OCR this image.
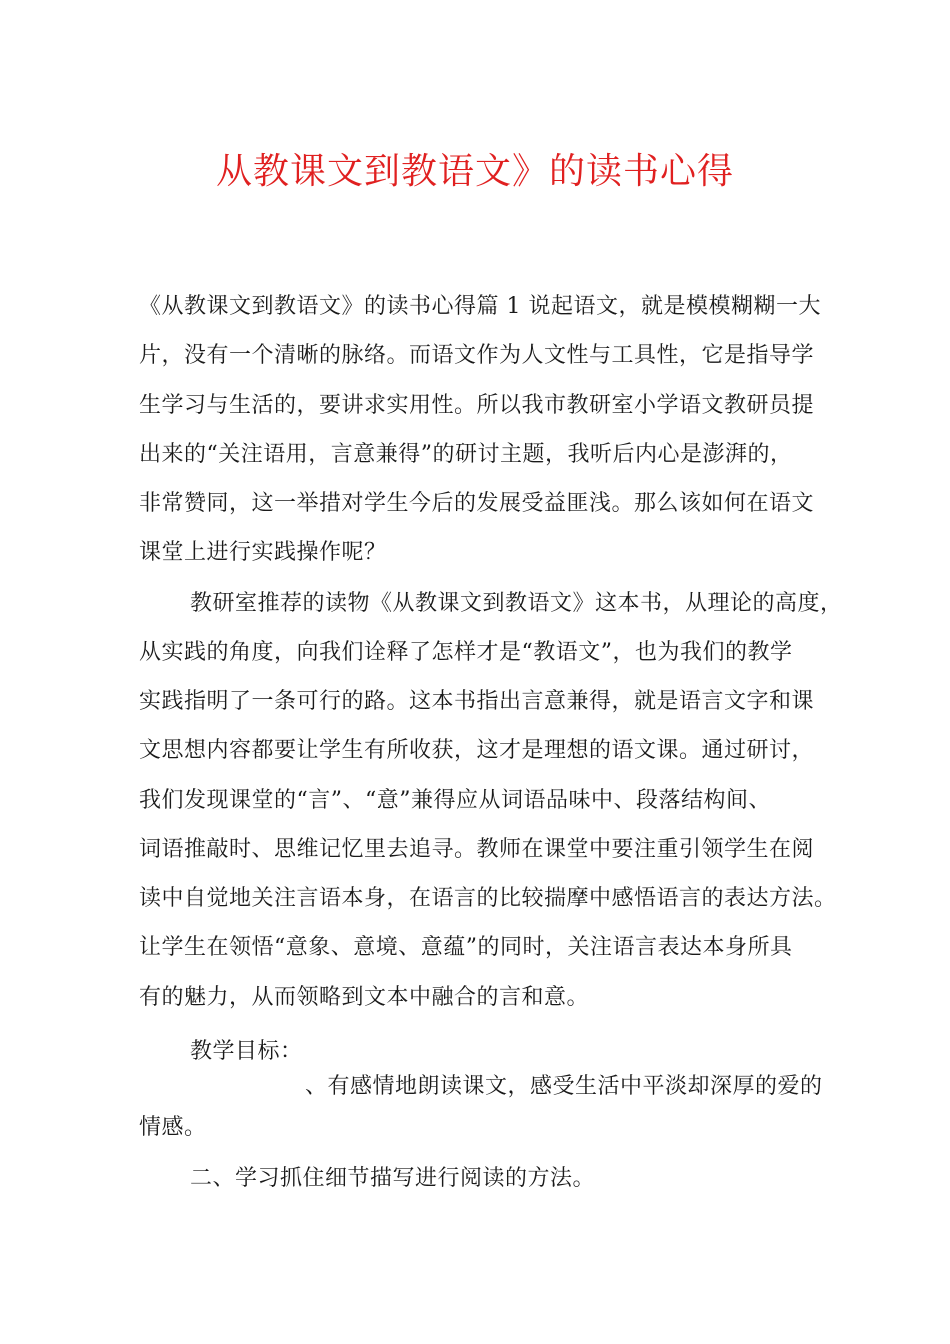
从教课文到教语文》的读书心得
《从教课文到教语文》的读书心得篇 1 说起语文，就是模模糊糊一大
片，没有一个清晰的脉络。而语文作为人文性与工具性，它是指导学
生学习与生活的，要讲求实用性。所以我市教研室小学语文教研员提
出来的“关注语用，言意兼得”的研讨主题，我听后内心是澎湃的，
非常赞同，这一举措对学生今后的发展受益匪浅。那么该如何在语文
课堂上进行实践操作呢？
教研室推荐的读物《从教课文到教语文》这本书，从理论的高度，
从实践的角度，向我们诠释了怎样才是“教语文”，也为我们的教学
实践指明了一条可行的路。这本书指出言意兼得，就是语言文字和课
文思想内容都要让学生有所收获，这才是理想的语文课。通过研讨，
我们发现课堂的“言”、“意”兼得应从词语品味中、段落结构间、
词语推敲时、思维记忆里去追寻。教师在课堂中要注重引领学生在阅
读中自觉地关注言语本身，在语言的比较揣摩中感悟语言的表达方法。
让学生在领悟“意象、意境、意蕴”的同时，关注语言表达本身所具
有的魅力，从而领略到文本中融合的言和意。
教学目标：
、有感情地朗读课文，感受生活中平淡却深厚的爱的
情感。
二、学习抓住细节描写进行阅读的方法。
